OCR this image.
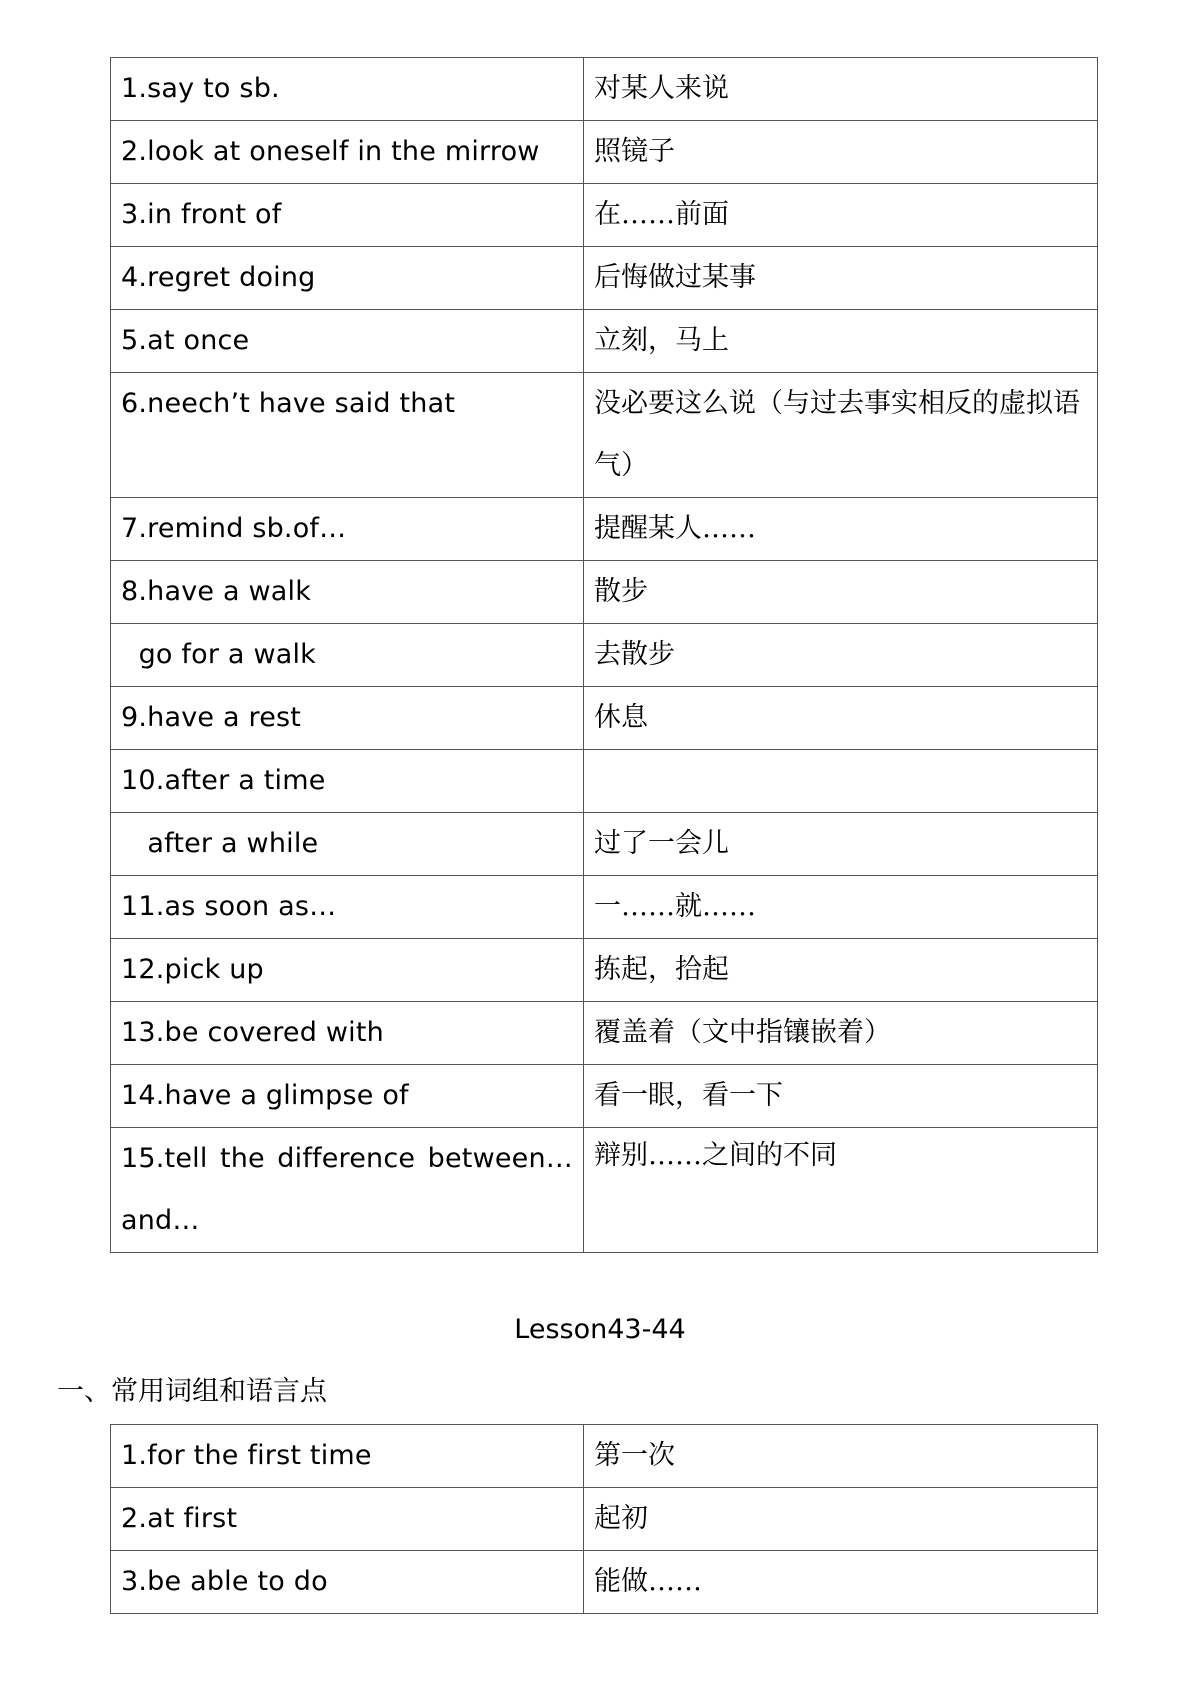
1.say to sb.	对某人来说
2.look at oneself in the mirrow	照镜子
3.in front of	在……前面
4.regret doing	后悔做过某事
5.at once	立刻，马上
6.neech’t have said that	没必要这么说（与过去事实相反的虚拟语气）
7.remind sb.of…	提醒某人……
8.have a walk	散步
go for a walk	去散步
9.have a rest	休息
10.after a time	
after a while	过了一会儿
11.as soon as…	一……就……
12.pick up	拣起，拾起
13.be covered with	覆盖着（文中指镶嵌着）
14.have a glimpse of	看一眼，看一下
15.tell the difference between…and…	辩别……之间的不同
Lesson43-44
一、常用词组和语言点
1.for the first time	第一次
2.at first	起初
3.be able to do	能做……
